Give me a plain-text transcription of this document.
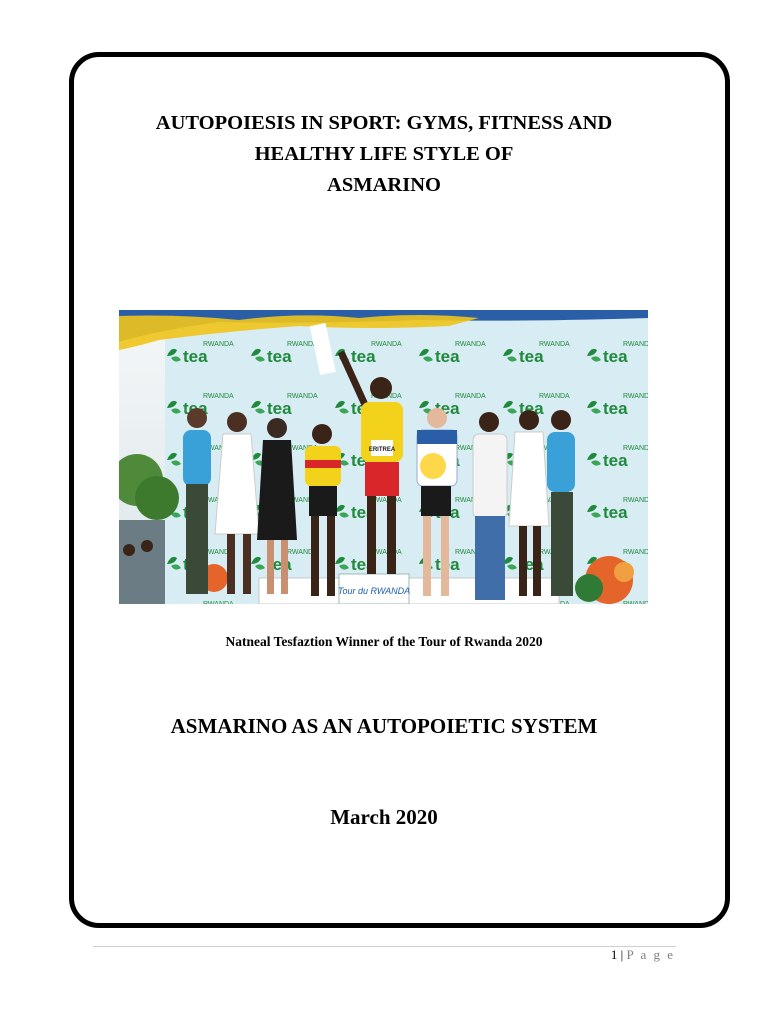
AUTOPOIESIS IN SPORT: GYMS, FITNESS AND
HEALTHY LIFE STYLE OF
ASMARINO
Tour du RWANDA
ERITREA
Natneal Tesfaztion Winner of the Tour of Rwanda 2020
ASMARINO AS AN AUTOPOIETIC SYSTEM
March 2020
1 | P a g e
